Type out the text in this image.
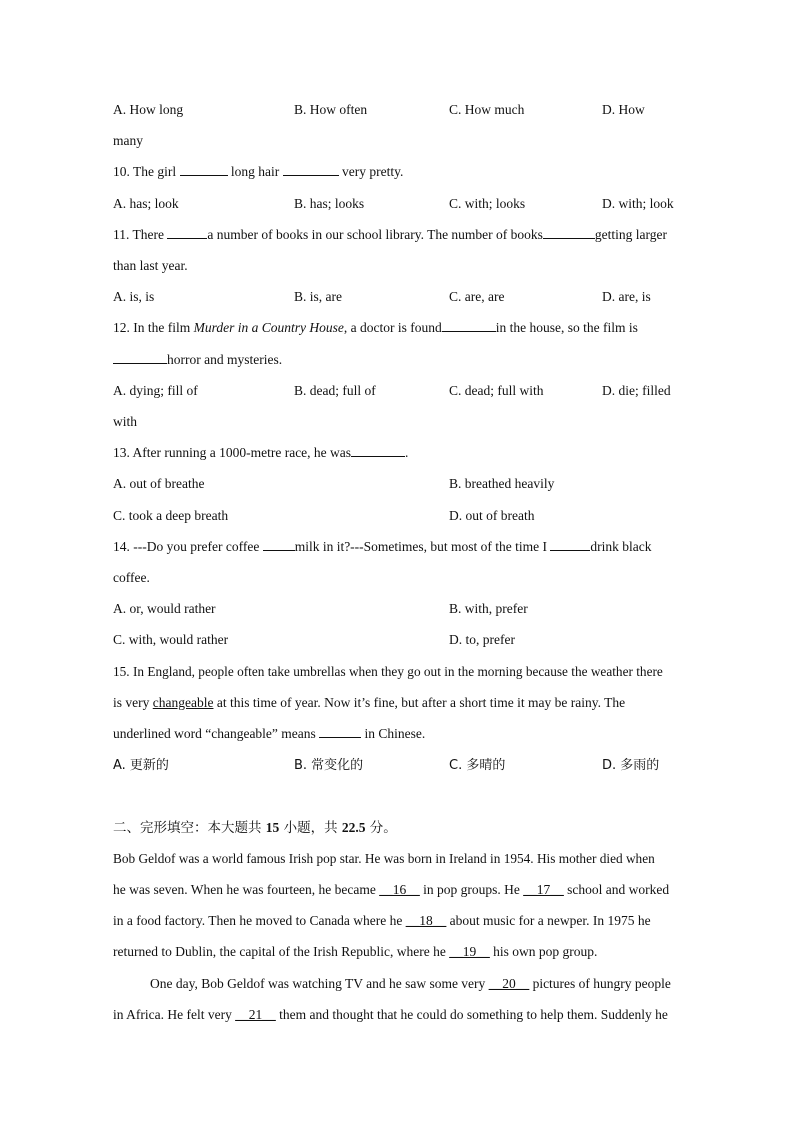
A. How long	B. How often	C. How much	D. How
many
10. The girl	long hair	very pretty.
A. has; look	B. has; looks	C. with; looks	D. with; look
11. There	a number of books in our school library. The number of books	getting larger
than last year.
A. is, is	B. is, are	C. are, are	D. are, is
12. In the film Murder in a Country House, a doctor is found	in the house, so the film is
horror and mysteries.
A. dying; fill of	B. dead; full of	C. dead; full with	D. die; filled
with
13. After running a 1000-metre race, he was	.
A. out of breathe	B. breathed heavily
C. took a deep breath	D. out of breath
14. ---Do you prefer coffee milk in it?---Sometimes, but most of the time I	drink black
coffee.
A. or, would rather	B. with, prefer
C. with, would rather	D. to, prefer
15. In England, people often take umbrellas when they go out in the morning because the weather there
is very changeable at this time of year. Now it’s fine, but after a short time it may be rainy. The
underlined word “changeable” means	in Chinese.
A. 更新的	B. 常变化的	C. 多晴的	D. 多雨的
二、完形填空：本大题共 15 小题，共 22.5 分。
Bob Geldof was a world famous Irish pop star. He was born in Ireland in 1954. His mother died when
he was seven. When he was fourteen, he became __16__ in pop groups. He __17__ school and worked
in a food factory. Then he moved to Canada where he __18__ about music for a newper. In 1975 he
returned to Dublin, the capital of the Irish Republic, where he __19__ his own pop group.
One day, Bob Geldof was watching TV and he saw some very __20__ pictures of hungry people
in Africa. He felt very __21__ them and thought that he could do something to help them. Suddenly he
